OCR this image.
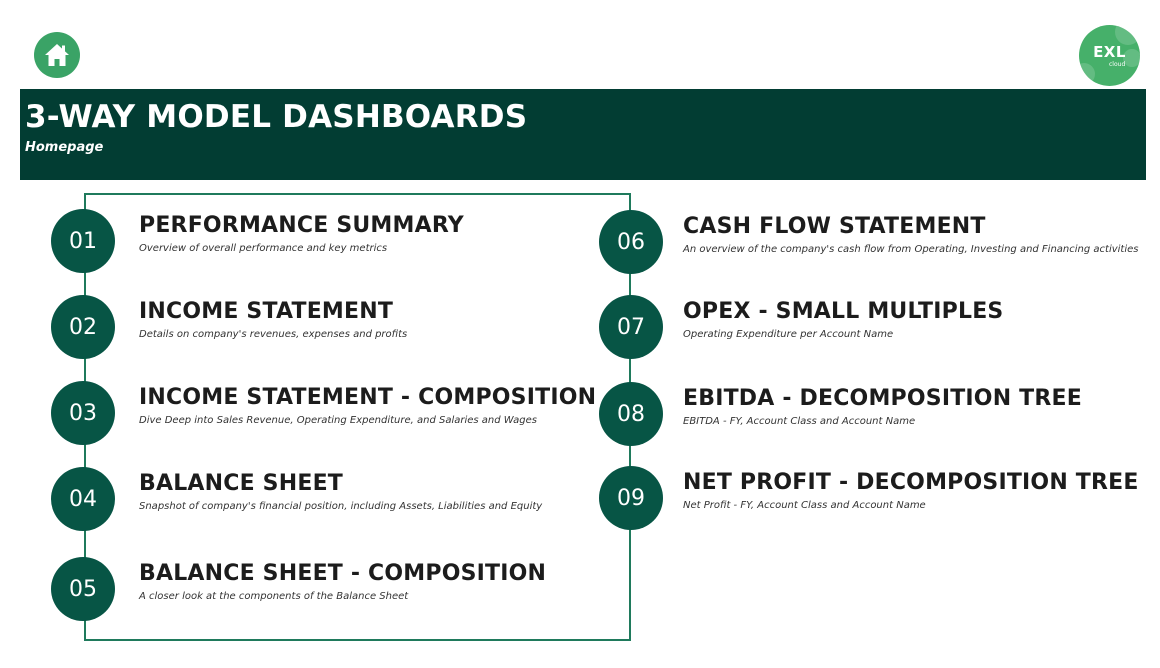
EXL
cloud
3-WAY MODEL DASHBOARDS
Homepage
01
PERFORMANCE SUMMARY
Overview of overall performance and key metrics
02
INCOME STATEMENT
Details on company's revenues, expenses and profits
03
INCOME STATEMENT - COMPOSITION
Dive Deep into Sales Revenue, Operating Expenditure, and Salaries and Wages
04
BALANCE SHEET
Snapshot of company's financial position, including Assets, Liabilities and Equity
05
BALANCE SHEET - COMPOSITION
A closer look at the components of the Balance Sheet
06
CASH FLOW STATEMENT
An overview of the company's cash flow from Operating, Investing and Financing activities
07
OPEX - SMALL MULTIPLES
Operating Expenditure per Account Name
08
EBITDA - DECOMPOSITION TREE
EBITDA - FY, Account Class and Account Name
09
NET PROFIT - DECOMPOSITION TREE
Net Profit - FY, Account Class and Account Name
